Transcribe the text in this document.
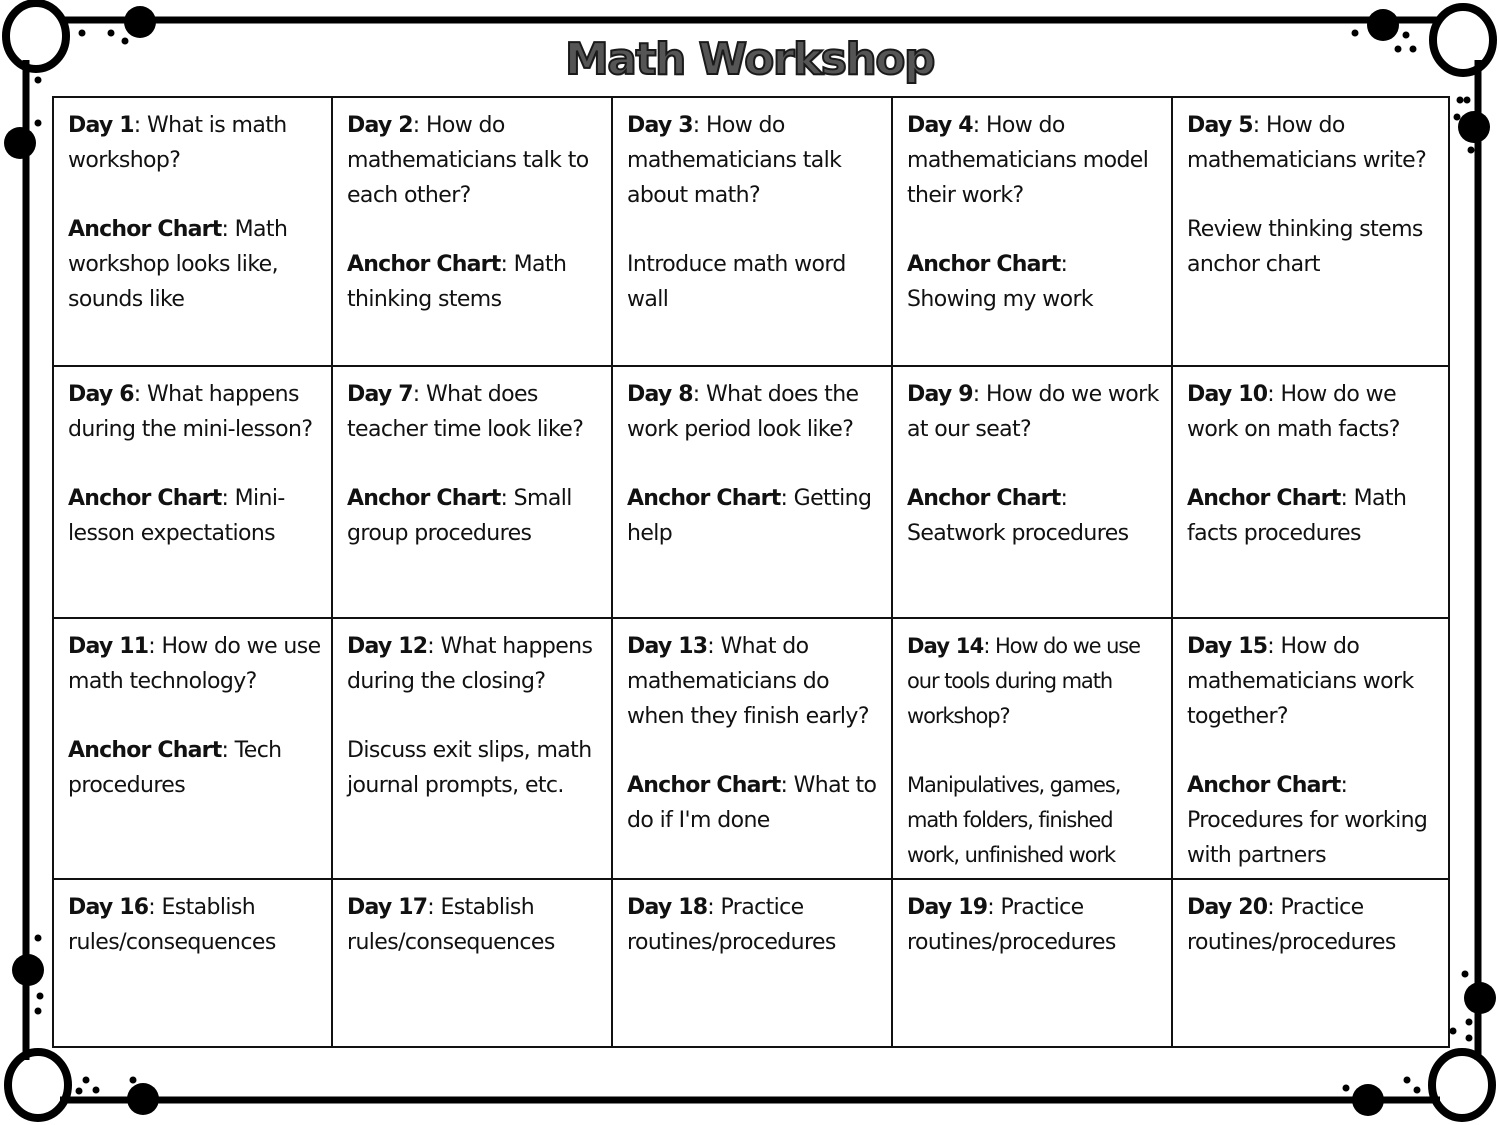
Math Workshop
Day 1: What is math workshop?
Anchor Chart: Math workshop looks like, sounds like
Day 2: How do mathematicians talk to each other?
Anchor Chart: Math thinking stems
Day 3: How do mathematicians talk about math?
Introduce math word wall
Day 4: How do mathematicians model their work?
Anchor Chart: Showing my work
Day 5: How do mathematicians write?
Review thinking stems anchor chart
Day 6: What happens during the mini-lesson?
Anchor Chart: Mini-lesson expectations
Day 7: What does teacher time look like?
Anchor Chart: Small group procedures
Day 8: What does the work period look like?
Anchor Chart: Getting help
Day 9: How do we work at our seat?
Anchor Chart: Seatwork procedures
Day 10: How do we work on math facts?
Anchor Chart: Math facts procedures
Day 11: How do we use math technology?
Anchor Chart: Tech procedures
Day 12: What happens during the closing?
Discuss exit slips, math journal prompts, etc.
Day 13: What do mathematicians do when they finish early?
Anchor Chart: What to do if I'm done
Day 14: How do we use our tools during math workshop?
Manipulatives, games, math folders, finished work, unfinished work
Day 15: How do mathematicians work together?
Anchor Chart: Procedures for working with partners
Day 16: Establish rules/consequences
Day 17: Establish rules/consequences
Day 18: Practice routines/procedures
Day 19: Practice routines/procedures
Day 20: Practice routines/procedures
